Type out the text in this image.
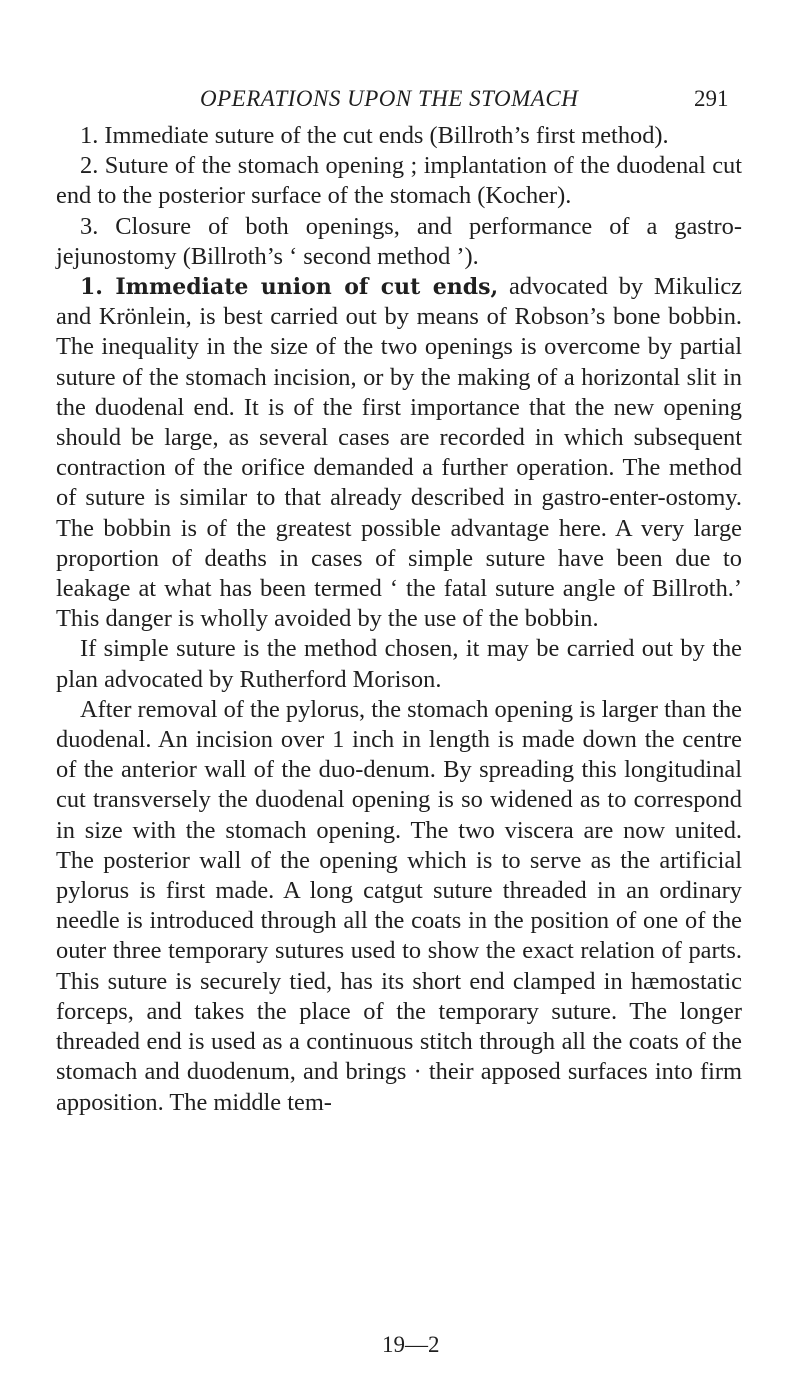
OPERATIONS UPON THE STOMACH	291

1. Immediate suture of the cut ends (Billroth’s first method).

2. Suture of the stomach opening ; implantation of the duodenal cut end to the posterior surface of the stomach (Kocher).

3. Closure of both openings, and performance of a gastro-jejunostomy (Billroth’s ‘ second method ’).

1. Immediate union of cut ends, advocated by Mikulicz and Krönlein, is best carried out by means of Robson’s bone bobbin. The inequality in the size of the two openings is overcome by partial suture of the stomach incision, or by the making of a horizontal slit in the duodenal end. It is of the first importance that the new opening should be large, as several cases are recorded in which subsequent contraction of the orifice demanded a further operation. The method of suture is similar to that already described in gastro-enter-ostomy. The bobbin is of the greatest possible advantage here. A very large proportion of deaths in cases of simple suture have been due to leakage at what has been termed ‘ the fatal suture angle of Billroth.’ This danger is wholly avoided by the use of the bobbin.

If simple suture is the method chosen, it may be carried out by the plan advocated by Rutherford Morison.

After removal of the pylorus, the stomach opening is larger than the duodenal. An incision over 1 inch in length is made down the centre of the anterior wall of the duo-denum. By spreading this longitudinal cut transversely the duodenal opening is so widened as to correspond in size with the stomach opening. The two viscera are now united. The posterior wall of the opening which is to serve as the artificial pylorus is first made. A long catgut suture threaded in an ordinary needle is introduced through all the coats in the position of one of the outer three temporary sutures used to show the exact relation of parts. This suture is securely tied, has its short end clamped in hæmostatic forceps, and takes the place of the temporary suture. The longer threaded end is used as a continuous stitch through all the coats of the stomach and duodenum, and brings · their apposed surfaces into firm apposition. The middle tem-

19—2
